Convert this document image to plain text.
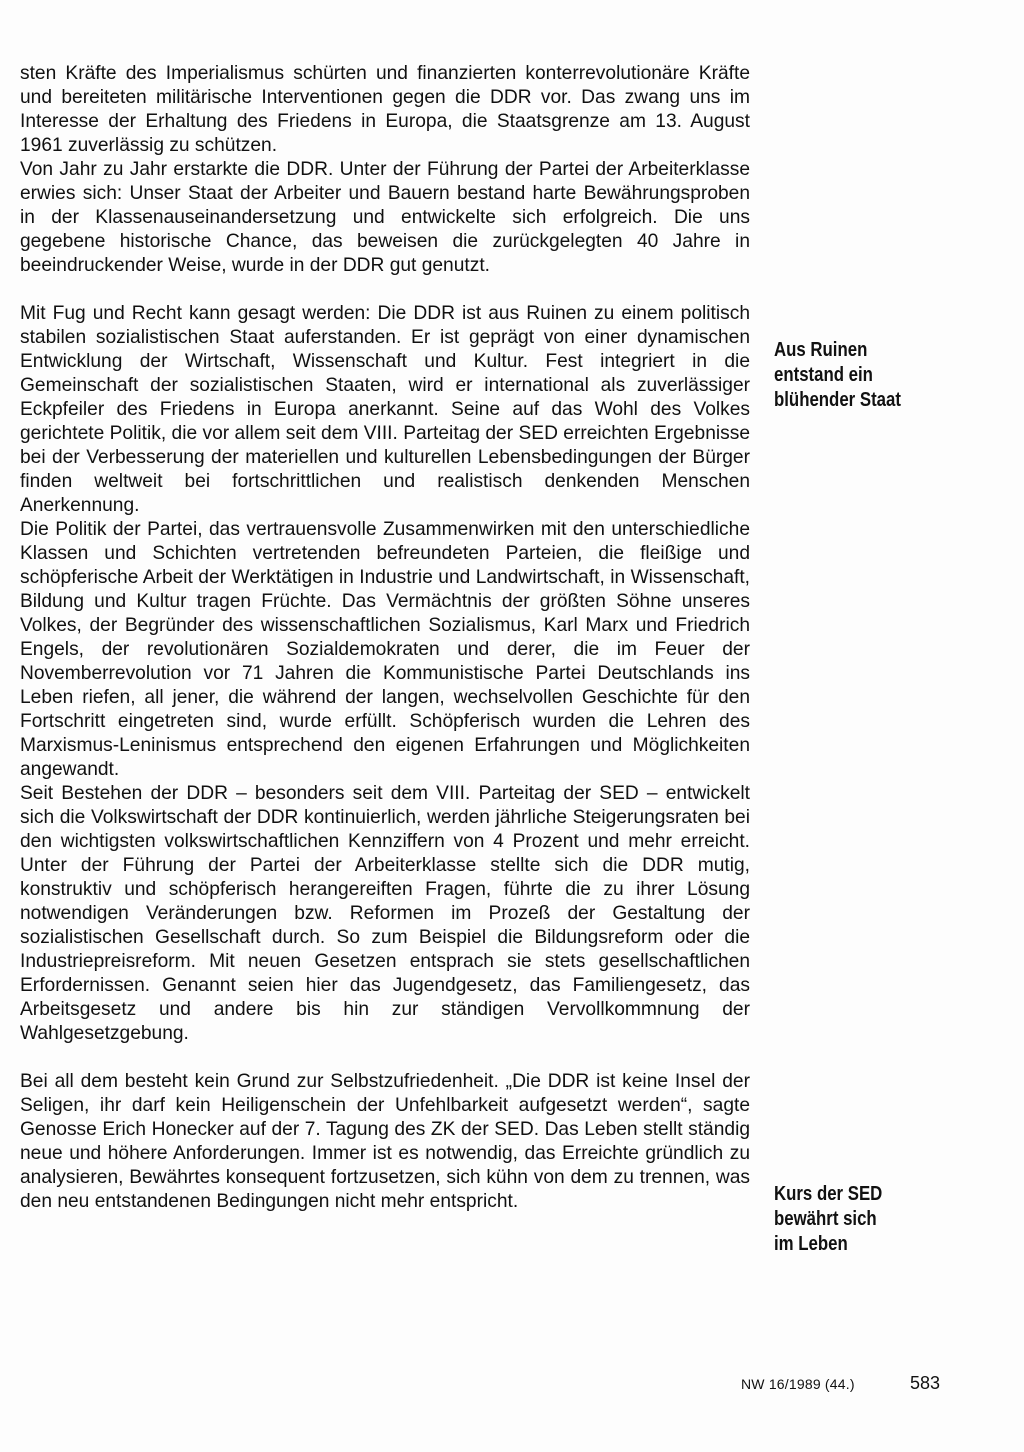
sten Kräfte des Imperialismus schürten und finanzierten konterrevolutionäre Kräfte und bereiteten militärische Interventionen gegen die DDR vor. Das zwang uns im Interesse der Erhaltung des Friedens in Europa, die Staatsgrenze am 13. August 1961 zuverlässig zu schützen.

Von Jahr zu Jahr erstarkte die DDR. Unter der Führung der Partei der Arbeiterklasse erwies sich: Unser Staat der Arbeiter und Bauern bestand harte Bewährungsproben in der Klassenauseinandersetzung und entwickelte sich erfolgreich. Die uns gegebene historische Chance, das beweisen die zurückgelegten 40 Jahre in beeindruckender Weise, wurde in der DDR gut genutzt.

Mit Fug und Recht kann gesagt werden: Die DDR ist aus Ruinen zu einem politisch stabilen sozialistischen Staat auferstanden. Er ist geprägt von einer dynamischen Entwicklung der Wirtschaft, Wissenschaft und Kultur. Fest integriert in die Gemeinschaft der sozialistischen Staaten, wird er international als zuverlässiger Eckpfeiler des Friedens in Europa anerkannt. Seine auf das Wohl des Volkes gerichtete Politik, die vor allem seit dem VIII. Parteitag der SED erreichten Ergebnisse bei der Verbesserung der materiellen und kulturellen Lebensbedingungen der Bürger finden weltweit bei fortschrittlichen und realistisch denkenden Menschen Anerkennung.

Die Politik der Partei, das vertrauensvolle Zusammenwirken mit den unterschiedliche Klassen und Schichten vertretenden befreundeten Parteien, die fleißige und schöpferische Arbeit der Werktätigen in Industrie und Landwirtschaft, in Wissenschaft, Bildung und Kultur tragen Früchte. Das Vermächtnis der größten Söhne unseres Volkes, der Begründer des wissenschaftlichen Sozialismus, Karl Marx und Friedrich Engels, der revolutionären Sozialdemokraten und derer, die im Feuer der Novemberrevolution vor 71 Jahren die Kommunistische Partei Deutschlands ins Leben riefen, all jener, die während der langen, wechselvollen Geschichte für den Fortschritt eingetreten sind, wurde erfüllt. Schöpferisch wurden die Lehren des Marxismus-Leninismus entsprechend den eigenen Erfahrungen und Möglichkeiten angewandt.

Seit Bestehen der DDR – besonders seit dem VIII. Parteitag der SED – entwickelt sich die Volkswirtschaft der DDR kontinuierlich, werden jährliche Steigerungsraten bei den wichtigsten volkswirtschaftlichen Kennziffern von 4 Prozent und mehr erreicht. Unter der Führung der Partei der Arbeiterklasse stellte sich die DDR mutig, konstruktiv und schöpferisch herangereiften Fragen, führte die zu ihrer Lösung notwendigen Veränderungen bzw. Reformen im Prozeß der Gestaltung der sozialistischen Gesellschaft durch. So zum Beispiel die Bildungsreform oder die Industriepreisreform. Mit neuen Gesetzen entsprach sie stets gesellschaftlichen Erfordernissen. Genannt seien hier das Jugendgesetz, das Familiengesetz, das Arbeitsgesetz und andere bis hin zur ständigen Vervollkommnung der Wahlgesetzgebung.

Bei all dem besteht kein Grund zur Selbstzufriedenheit. „Die DDR ist keine Insel der Seligen, ihr darf kein Heiligenschein der Unfehlbarkeit aufgesetzt werden“, sagte Genosse Erich Honecker auf der 7. Tagung des ZK der SED. Das Leben stellt ständig neue und höhere Anforderungen. Immer ist es notwendig, das Erreichte gründlich zu analysieren, Bewährtes konsequent fortzusetzen, sich kühn von dem zu trennen, was den neu entstandenen Bedingungen nicht mehr entspricht.

Aus Ruinen
entstand ein
blühender Staat
Kurs der SED
bewährt sich
im Leben
NW 16/1989 (44.)	583
